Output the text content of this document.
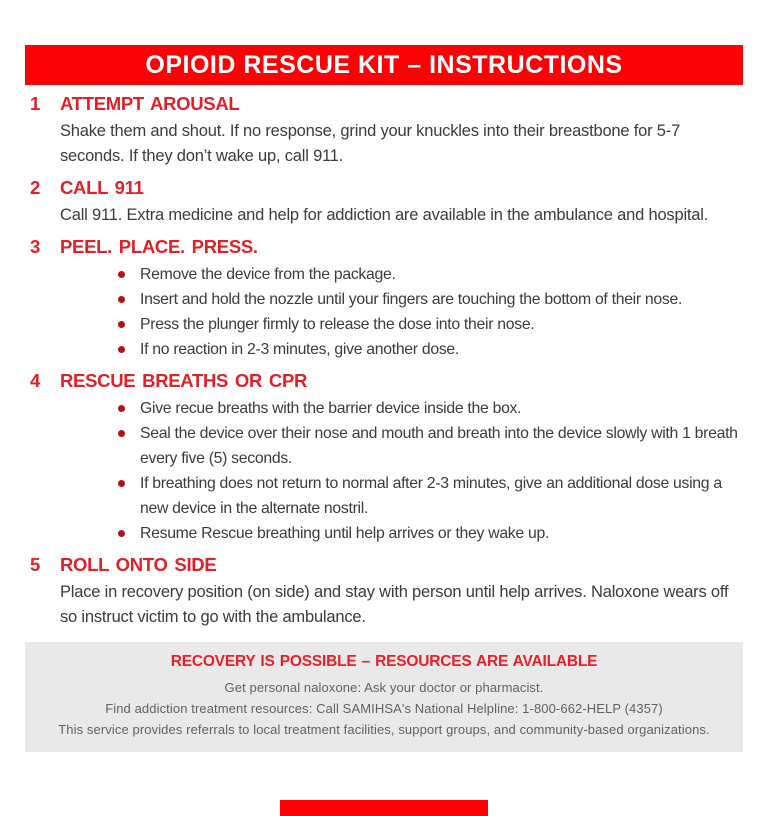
OPIOID RESCUE KIT – INSTRUCTIONS
1	ATTEMPT AROUSAL

Shake them and shout. If no response, grind your knuckles into their breastbone for 5-7 seconds. If they don’t wake up, call 911.

2	CALL 911

Call 911. Extra medicine and help for addiction are available in the ambulance and hospital.

3	PEEL. PLACE. PRESS.
Remove the device from the package.
Insert and hold the nozzle until your fingers are touching the bottom of their nose.
Press the plunger firmly to release the dose into their nose.
If no reaction in 2-3 minutes, give another dose.
4	RESCUE BREATHS OR CPR
Give recue breaths with the barrier device inside the box.
Seal the device over their nose and mouth and breath into the device slowly with 1 breath every five (5) seconds.
If breathing does not return to normal after 2-3 minutes, give an additional dose using a new device in the alternate nostril.
Resume Rescue breathing until help arrives or they wake up.
5	ROLL ONTO SIDE

Place in recovery position (on side) and stay with person until help arrives. Naloxone wears off so instruct victim to go with the ambulance.

RECOVERY IS POSSIBLE – RESOURCES ARE AVAILABLE

Get personal naloxone: Ask your doctor or pharmacist.

Find addiction treatment resources: Call SAMIHSA's National Helpline: 1-800-662-HELP (4357)

This service provides referrals to local treatment facilities, support groups, and community-based organizations.
